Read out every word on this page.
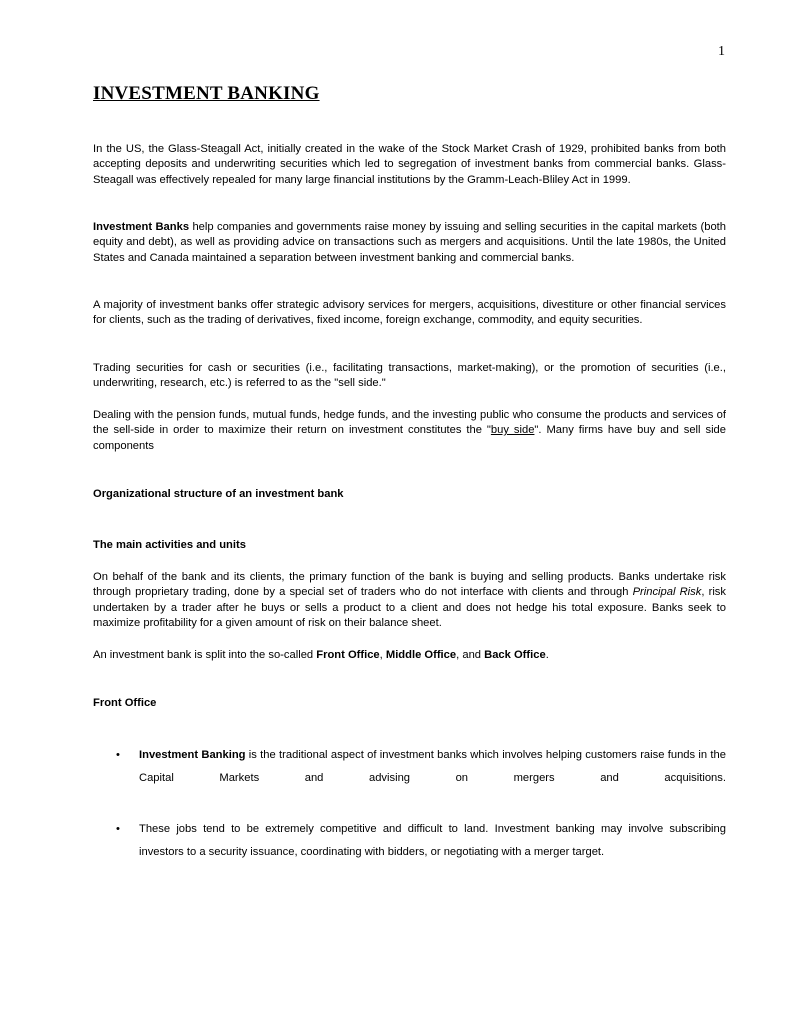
1
INVESTMENT BANKING

In the US, the Glass-Steagall Act, initially created in the wake of the Stock Market Crash of 1929, prohibited banks from both accepting deposits and underwriting securities which led to segregation of investment banks from commercial banks. Glass-Steagall was effectively repealed for many large financial institutions by the Gramm-Leach-Bliley Act in 1999.

Investment Banks help companies and governments raise money by issuing and selling securities in the capital markets (both equity and debt), as well as providing advice on transactions such as mergers and acquisitions. Until the late 1980s, the United States and Canada maintained a separation between investment banking and commercial banks.

A majority of investment banks offer strategic advisory services for mergers, acquisitions, divestiture or other financial services for clients, such as the trading of derivatives, fixed income, foreign exchange, commodity, and equity securities.

Trading securities for cash or securities (i.e., facilitating transactions, market-making), or the promotion of securities (i.e., underwriting, research, etc.) is referred to as the "sell side."

Dealing with the pension funds, mutual funds, hedge funds, and the investing public who consume the products and services of the sell-side in order to maximize their return on investment constitutes the "buy side". Many firms have buy and sell side components

Organizational structure of an investment bank
The main activities and units

On behalf of the bank and its clients, the primary function of the bank is buying and selling products. Banks undertake risk through proprietary trading, done by a special set of traders who do not interface with clients and through Principal Risk, risk undertaken by a trader after he buys or sells a product to a client and does not hedge his total exposure. Banks seek to maximize profitability for a given amount of risk on their balance sheet.

An investment bank is split into the so-called Front Office, Middle Office, and Back Office.

Front Office
• Investment Banking is the traditional aspect of investment banks which involves helping customers raise funds in the Capital Markets and advising on mergers and acquisitions.
• These jobs tend to be extremely competitive and difficult to land. Investment banking may involve subscribing investors to a security issuance, coordinating with bidders, or negotiating with a merger target.
